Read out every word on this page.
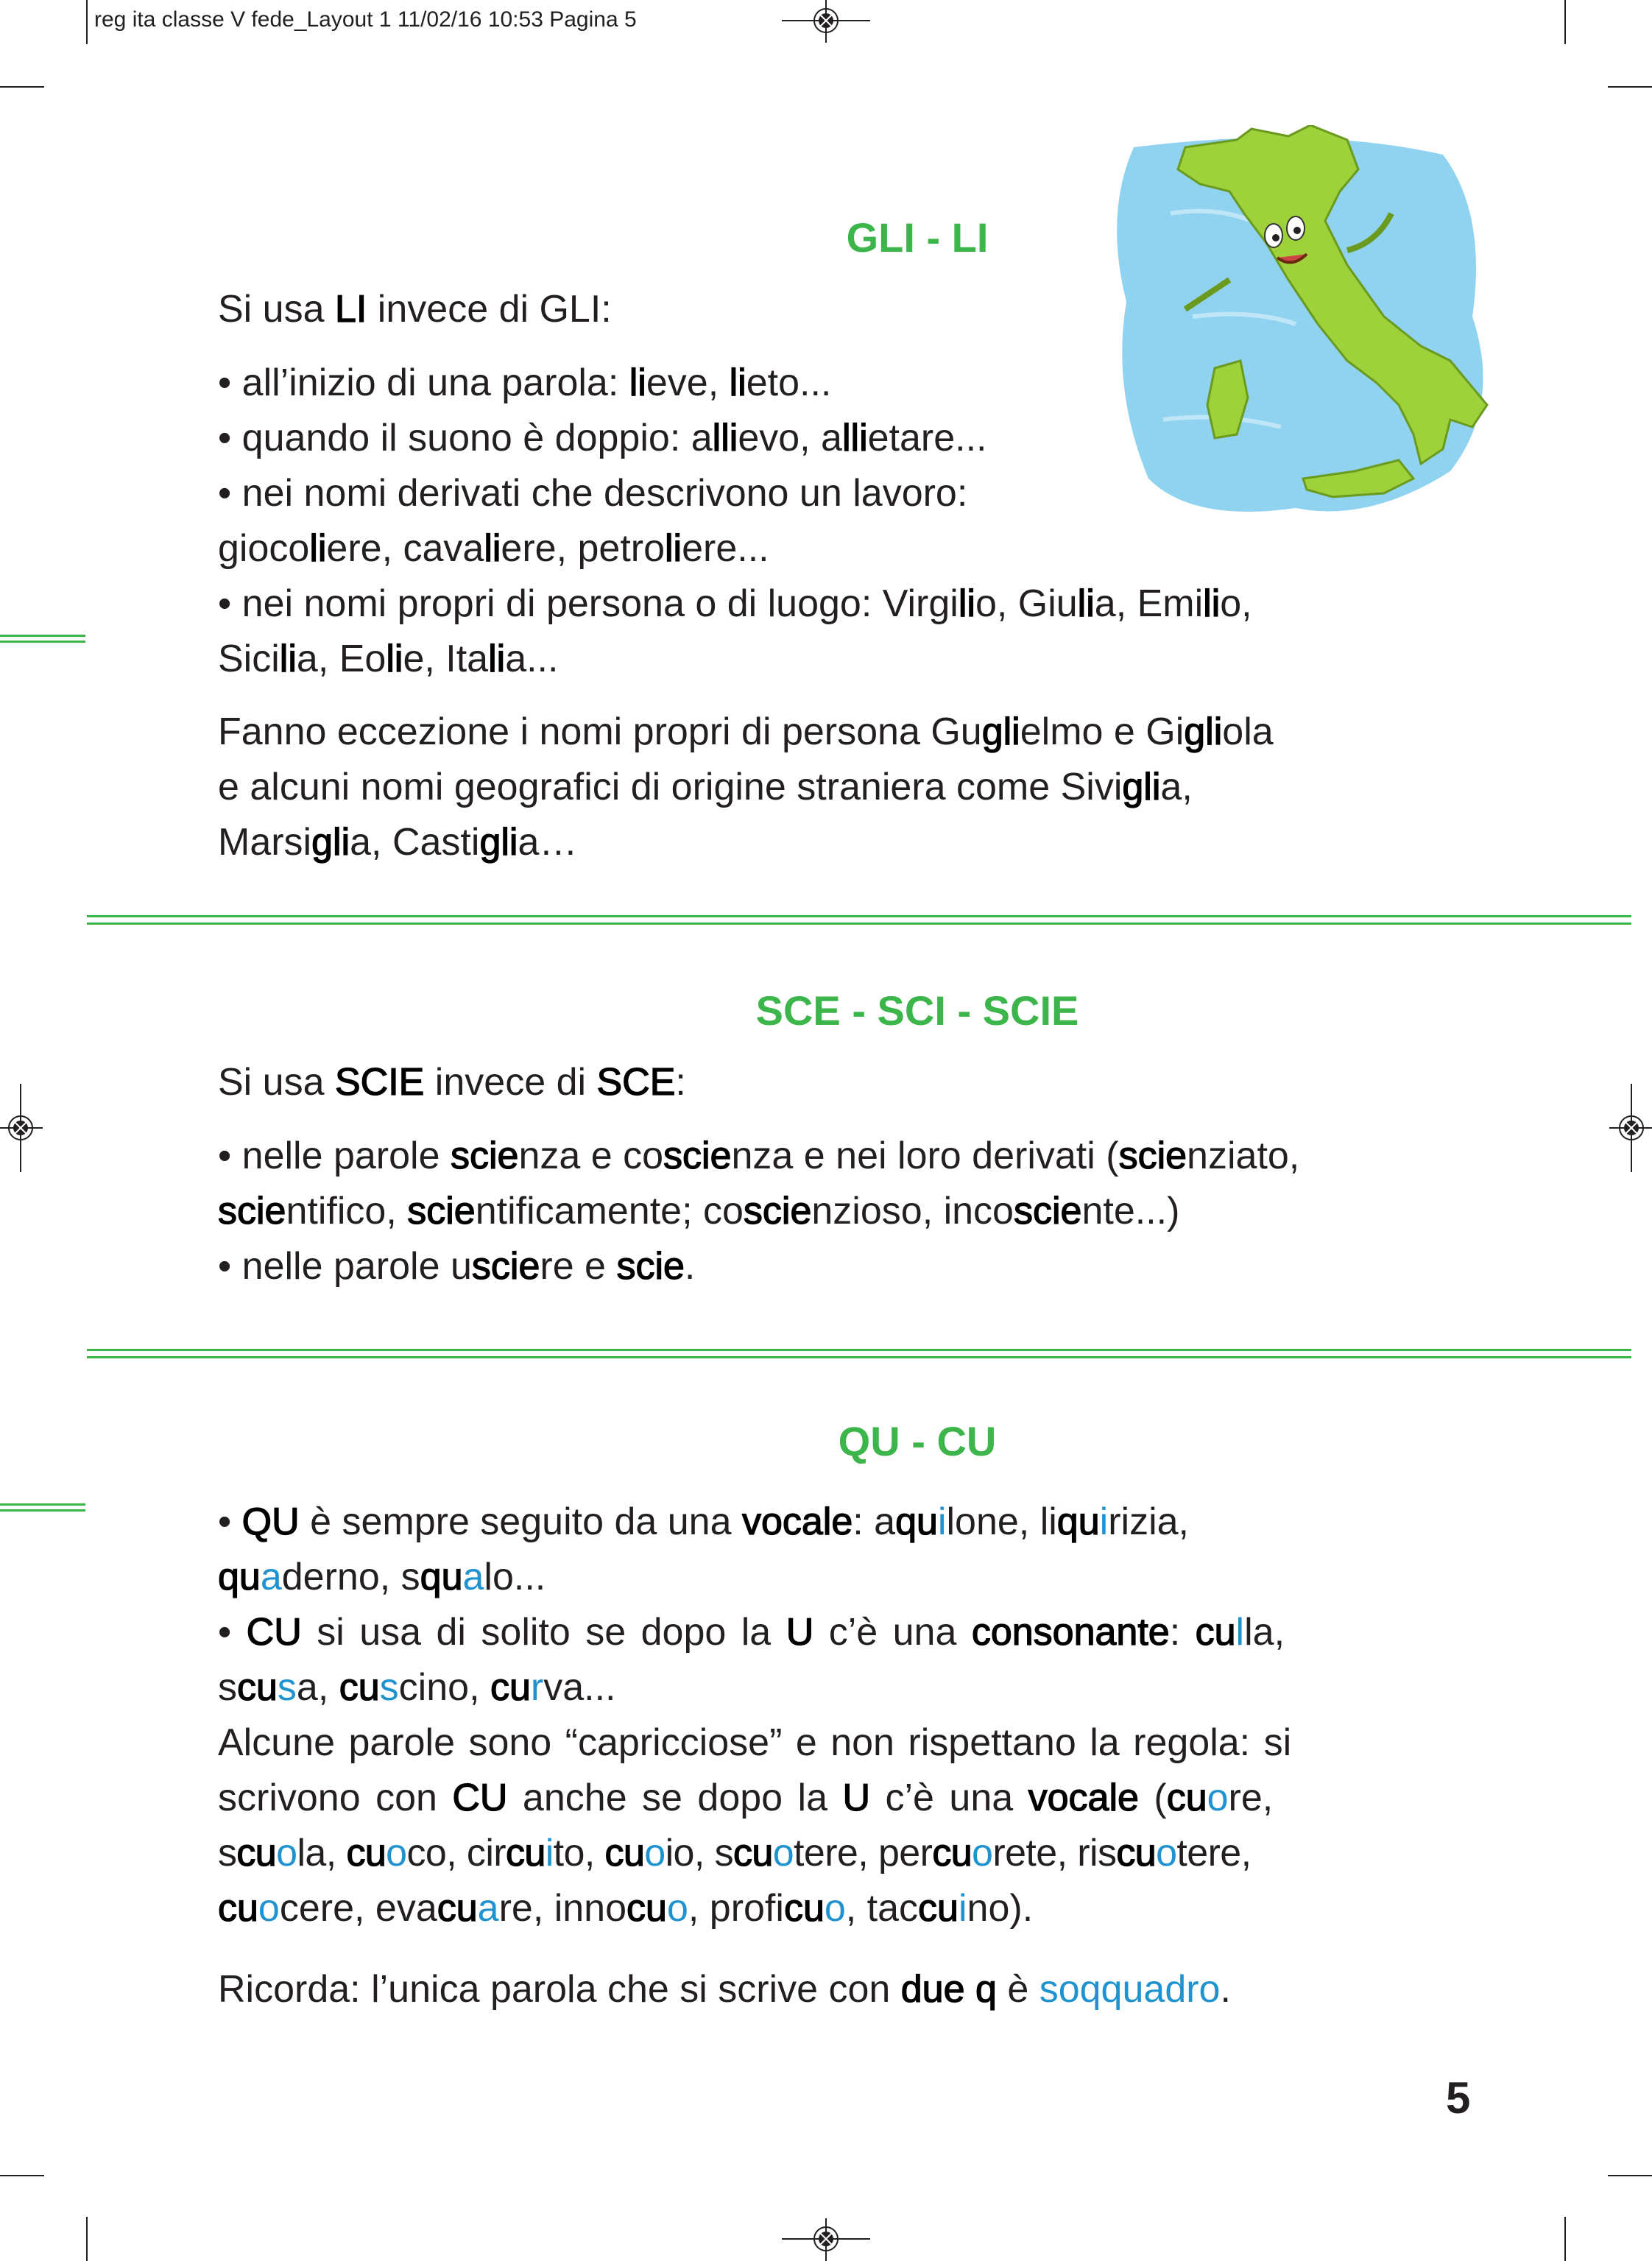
reg ita classe V fede_Layout 1 11/02/16 10:53 Pagina 5
GLI - LI

Si usa LI invece di GLI:

• all’inizio di una parola: lieve, lieto...
• quando il suono è doppio: allievo, allietare...
• nei nomi derivati che descrivono un lavoro:
giocoliere, cavaliere, petroliere...
• nei nomi propri di persona o di luogo: Virgilio, Giulia, Emilio,
Sicilia, Eolie, Italia...
Fanno eccezione i nomi propri di persona Guglielmo e Gigliola
e alcuni nomi geografici di origine straniera come Siviglia,
Marsiglia, Castiglia…
SCE - SCI - SCIE

Si usa SCIE invece di SCE:

• nelle parole scienza e coscienza e nei loro derivati (scienziato,
scientifico, scientificamente; coscienzioso, incosciente...)
• nelle parole usciere e scie.
QU - CU
• QU è sempre seguito da una vocale: aquilone, liquirizia,
quaderno, squalo...
• CU si usa di solito se dopo la U c’è una consonante: culla,
scusa, cuscino, curva...
Alcune parole sono “capricciose” e non rispettano la regola: si
scrivono con CU anche se dopo la U c’è una vocale (cuore,
scuola, cuoco, circuito, cuoio, scuotere, percuorete, riscuotere,
cuocere, evacuare, innocuo, proficuo, taccuino).

Ricorda: l’unica parola che si scrive con due q è soqquadro.

5
